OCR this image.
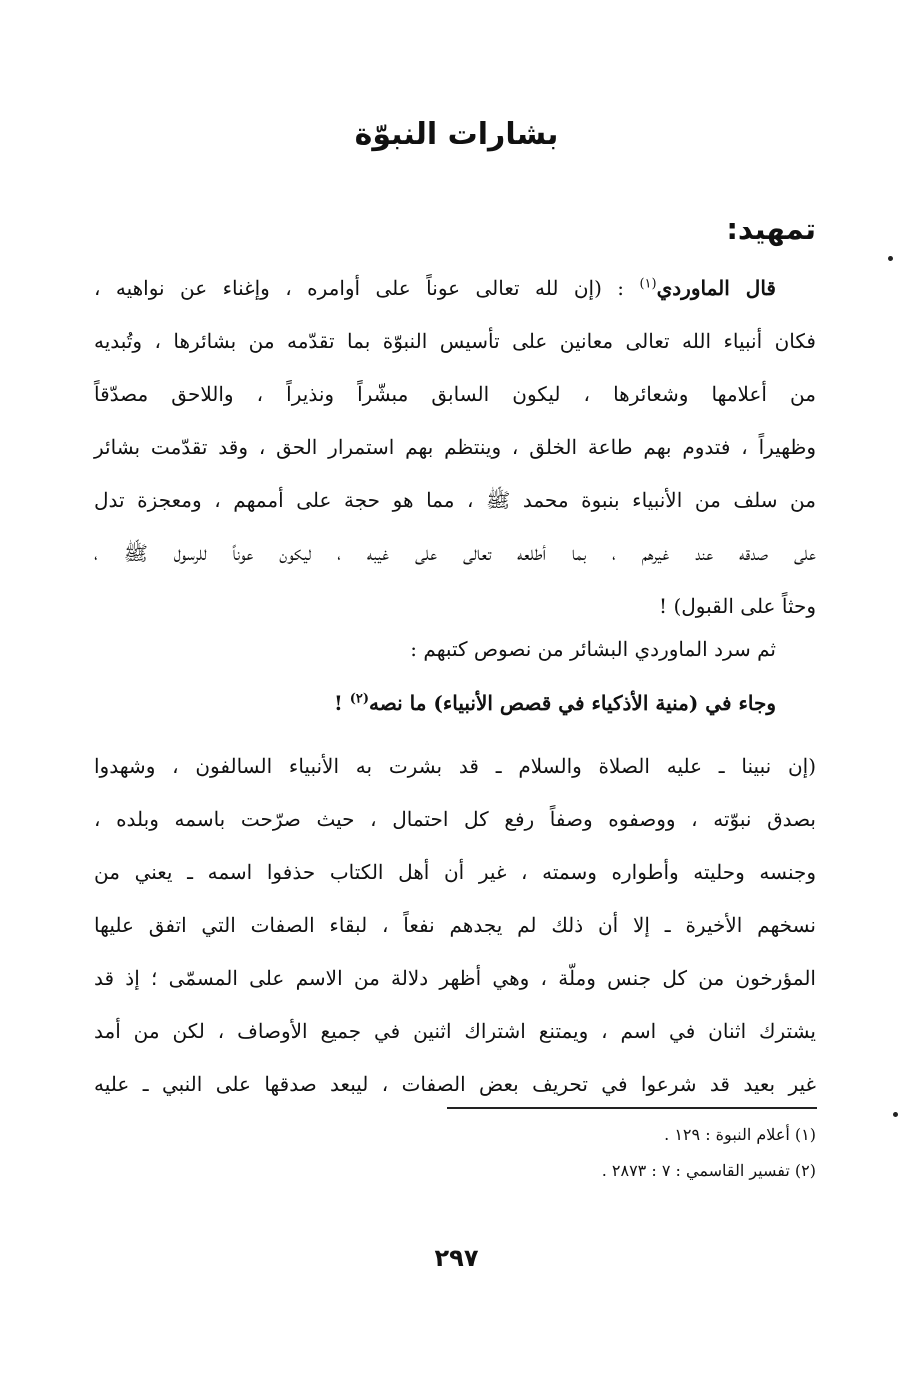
بشارات النبوّة
تمهيد:
قال الماوردي$^{(١)}$ : (إن لله تعالى عوناً على أوامره ، وإغناء عن نواهيه ،
فكان أنبياء الله تعالى معانين على تأسيس النبوّة بما تقدّمه من بشائرها ، وتُبديه
من أعلامها وشعائرها ، ليكون السابق مبشّراً ونذيراً ، واللاحق مصدّقاً
وظهيراً ، فتدوم بهم طاعة الخلق ، وينتظم بهم استمرار الحق ، وقد تقدّمت بشائر
من سلف من الأنبياء بنبوة محمد ﷺ ، مما هو حجة على أممهم ، ومعجزة تدل
على صدقه عند غيرهم ، بما أطلعه تعالى على غيبه ، ليكون عوناً للرسول ﷺ ،
وحثاً على القبول) !
ثم سرد الماوردي البشائر من نصوص كتبهم :
وجاء في (منية الأذكياء في قصص الأنبياء) ما نصه$^{(٢)}$ !
(إن نبينا ـ عليه الصلاة والسلام ـ قد بشرت به الأنبياء السالفون ، وشهدوا
بصدق نبوّته ، ووصفوه وصفاً رفع كل احتمال ، حيث صرّحت باسمه وبلده ،
وجنسه وحليته وأطواره وسمته ، غير أن أهل الكتاب حذفوا اسمه ـ يعني من
نسخهم الأخيرة ـ إلا أن ذلك لم يجدهم نفعاً ، لبقاء الصفات التي اتفق عليها
المؤرخون من كل جنس وملّة ، وهي أظهر دلالة من الاسم على المسمّى ؛ إذ قد
يشترك اثنان في اسم ، ويمتنع اشتراك اثنين في جميع الأوصاف ، لكن من أمد
غير بعيد قد شرعوا في تحريف بعض الصفات ، ليبعد صدقها على النبي ـ عليه
(١) أعلام النبوة : ١٢٩ .
(٢) تفسير القاسمي : ٧ : ٢٨٧٣ .
٢٩٧
